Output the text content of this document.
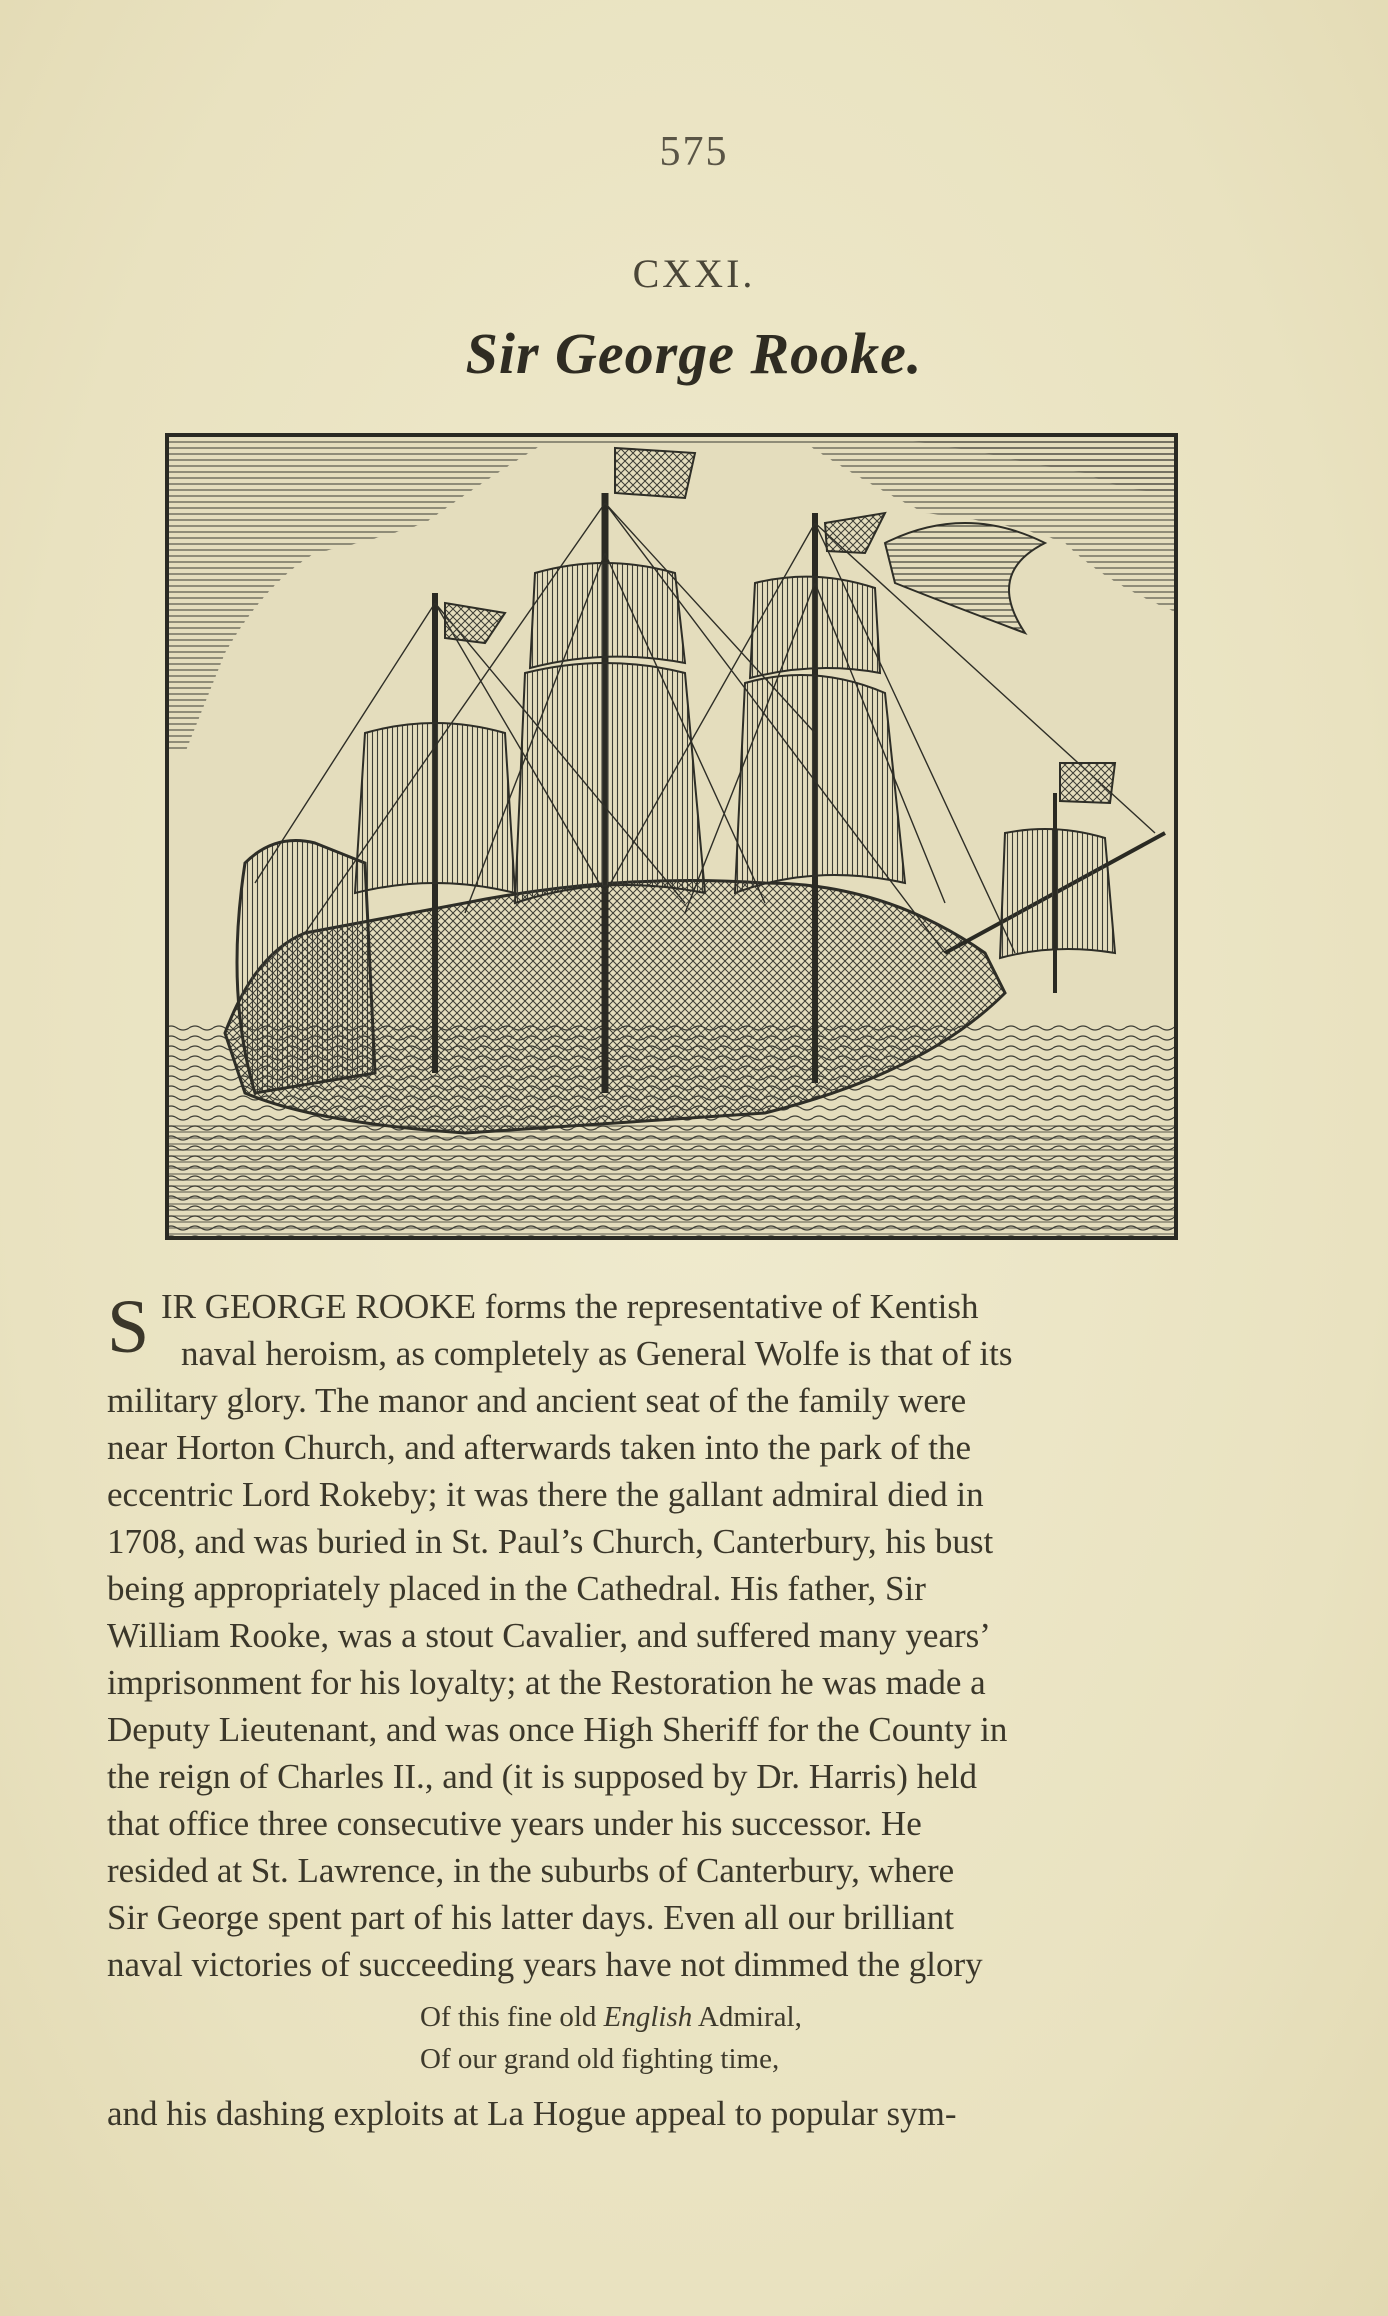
575
CXXI.
Sir George Rooke.
S IR GEORGE ROOKE forms the representative of Kentish
naval heroism, as completely as General Wolfe is that of its
military glory. The manor and ancient seat of the family were
near Horton Church, and afterwards taken into the park of the
eccentric Lord Rokeby; it was there the gallant admiral died in
1708, and was buried in St. Paul’s Church, Canterbury, his bust
being appropriately placed in the Cathedral. His father, Sir
William Rooke, was a stout Cavalier, and suffered many years’
imprisonment for his loyalty; at the Restoration he was made a
Deputy Lieutenant, and was once High Sheriff for the County in
the reign of Charles II., and (it is supposed by Dr. Harris) held
that office three consecutive years under his successor. He
resided at St. Lawrence, in the suburbs of Canterbury, where
Sir George spent part of his latter days. Even all our brilliant
naval victories of succeeding years have not dimmed the glory
Of this fine old English Admiral,
Of our grand old fighting time,
and his dashing exploits at La Hogue appeal to popular sym-
